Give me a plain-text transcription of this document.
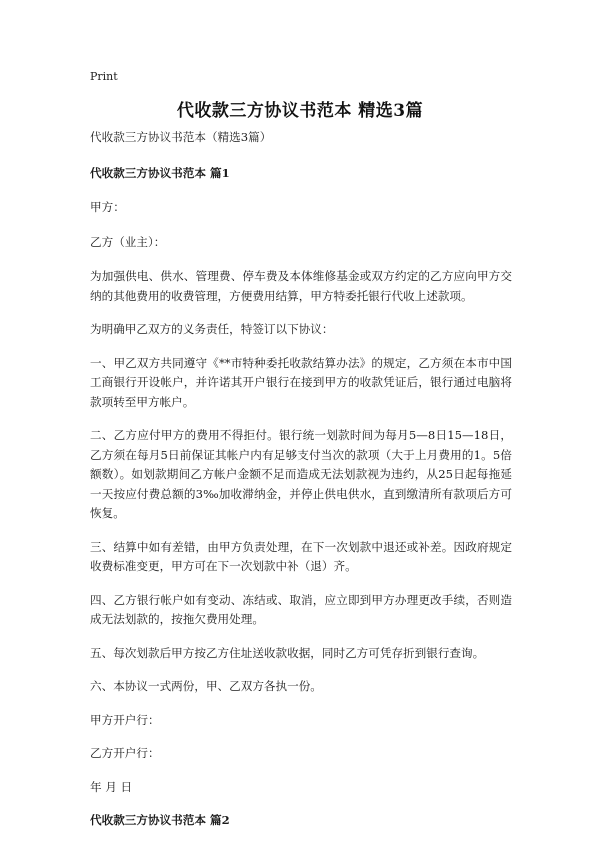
Print
代收款三方协议书范本 精选3篇
代收款三方协议书范本（精选3篇）
代收款三方协议书范本 篇1
甲方：
乙方（业主）：
为加强供电、供水、管理费、停车费及本体维修基金或双方约定的乙方应向甲方交纳的其他费用的收费管理，方便费用结算，甲方特委托银行代收上述款项。
为明确甲乙双方的义务责任，特签订以下协议：
一、甲乙双方共同遵守《**市特种委托收款结算办法》的规定，乙方须在本市中国工商银行开设帐户，并许诺其开户银行在接到甲方的收款凭证后，银行通过电脑将款项转至甲方帐户。
二、乙方应付甲方的费用不得拒付。银行统一划款时间为每月5—8日15—18日，乙方须在每月5日前保证其帐户内有足够支付当次的款项（大于上月费用的1。5倍额数）。如划款期间乙方帐户金额不足而造成无法划款视为违约，从25日起每拖延一天按应付费总额的3‰加收滞纳金，并停止供电供水，直到缴清所有款项后方可恢复。
三、结算中如有差错，由甲方负责处理，在下一次划款中退还或补差。因政府规定收费标准变更，甲方可在下一次划款中补（退）齐。
四、乙方银行帐户如有变动、冻结或、取消，应立即到甲方办理更改手续，否则造成无法划款的，按拖欠费用处理。
五、每次划款后甲方按乙方住址送收款收据，同时乙方可凭存折到银行查询。
六、本协议一式两份，甲、乙双方各执一份。
甲方开户行：
乙方开户行：
年 月 日
代收款三方协议书范本 篇2
